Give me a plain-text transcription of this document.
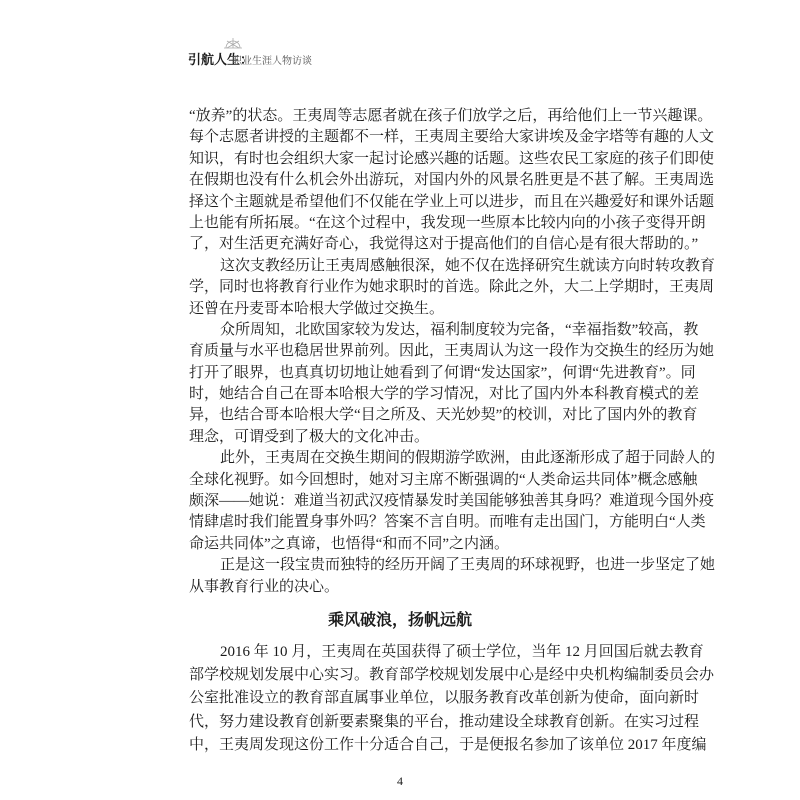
引航人生：
职业生涯人物访谈
“放养”的状态。王夷周等志愿者就在孩子们放学之后，再给他们上一节兴趣课。
每个志愿者讲授的主题都不一样，王夷周主要给大家讲埃及金字塔等有趣的人文
知识，有时也会组织大家一起讨论感兴趣的话题。这些农民工家庭的孩子们即使
在假期也没有什么机会外出游玩，对国内外的风景名胜更是不甚了解。王夷周选
择这个主题就是希望他们不仅能在学业上可以进步，而且在兴趣爱好和课外话题
上也能有所拓展。“在这个过程中，我发现一些原本比较内向的小孩子变得开朗
了，对生活更充满好奇心，我觉得这对于提高他们的自信心是有很大帮助的。”
这次支教经历让王夷周感触很深，她不仅在选择研究生就读方向时转攻教育
学，同时也将教育行业作为她求职时的首选。除此之外，大二上学期时，王夷周
还曾在丹麦哥本哈根大学做过交换生。
众所周知，北欧国家较为发达，福利制度较为完备，“幸福指数”较高，教
育质量与水平也稳居世界前列。因此，王夷周认为这一段作为交换生的经历为她
打开了眼界，也真真切切地让她看到了何谓“发达国家”，何谓“先进教育”。同
时，她结合自己在哥本哈根大学的学习情况，对比了国内外本科教育模式的差
异，也结合哥本哈根大学“目之所及、天光妙契”的校训，对比了国内外的教育
理念，可谓受到了极大的文化冲击。
此外，王夷周在交换生期间的假期游学欧洲，由此逐渐形成了超于同龄人的
全球化视野。如今回想时，她对习主席不断强调的“人类命运共同体”概念感触
颇深——她说：难道当初武汉疫情暴发时美国能够独善其身吗？难道现今国外疫
情肆虐时我们能置身事外吗？答案不言自明。而唯有走出国门，方能明白“人类
命运共同体”之真谛，也悟得“和而不同”之内涵。
正是这一段宝贵而独特的经历开阔了王夷周的环球视野，也进一步坚定了她
从事教育行业的决心。
乘风破浪，扬帆远航
2016 年 10 月，王夷周在英国获得了硕士学位，当年 12 月回国后就去教育
部学校规划发展中心实习。教育部学校规划发展中心是经中央机构编制委员会办
公室批准设立的教育部直属事业单位，以服务教育改革创新为使命，面向新时
代，努力建设教育创新要素聚集的平台，推动建设全球教育创新。在实习过程
中，王夷周发现这份工作十分适合自己，于是便报名参加了该单位 2017 年度编
4
